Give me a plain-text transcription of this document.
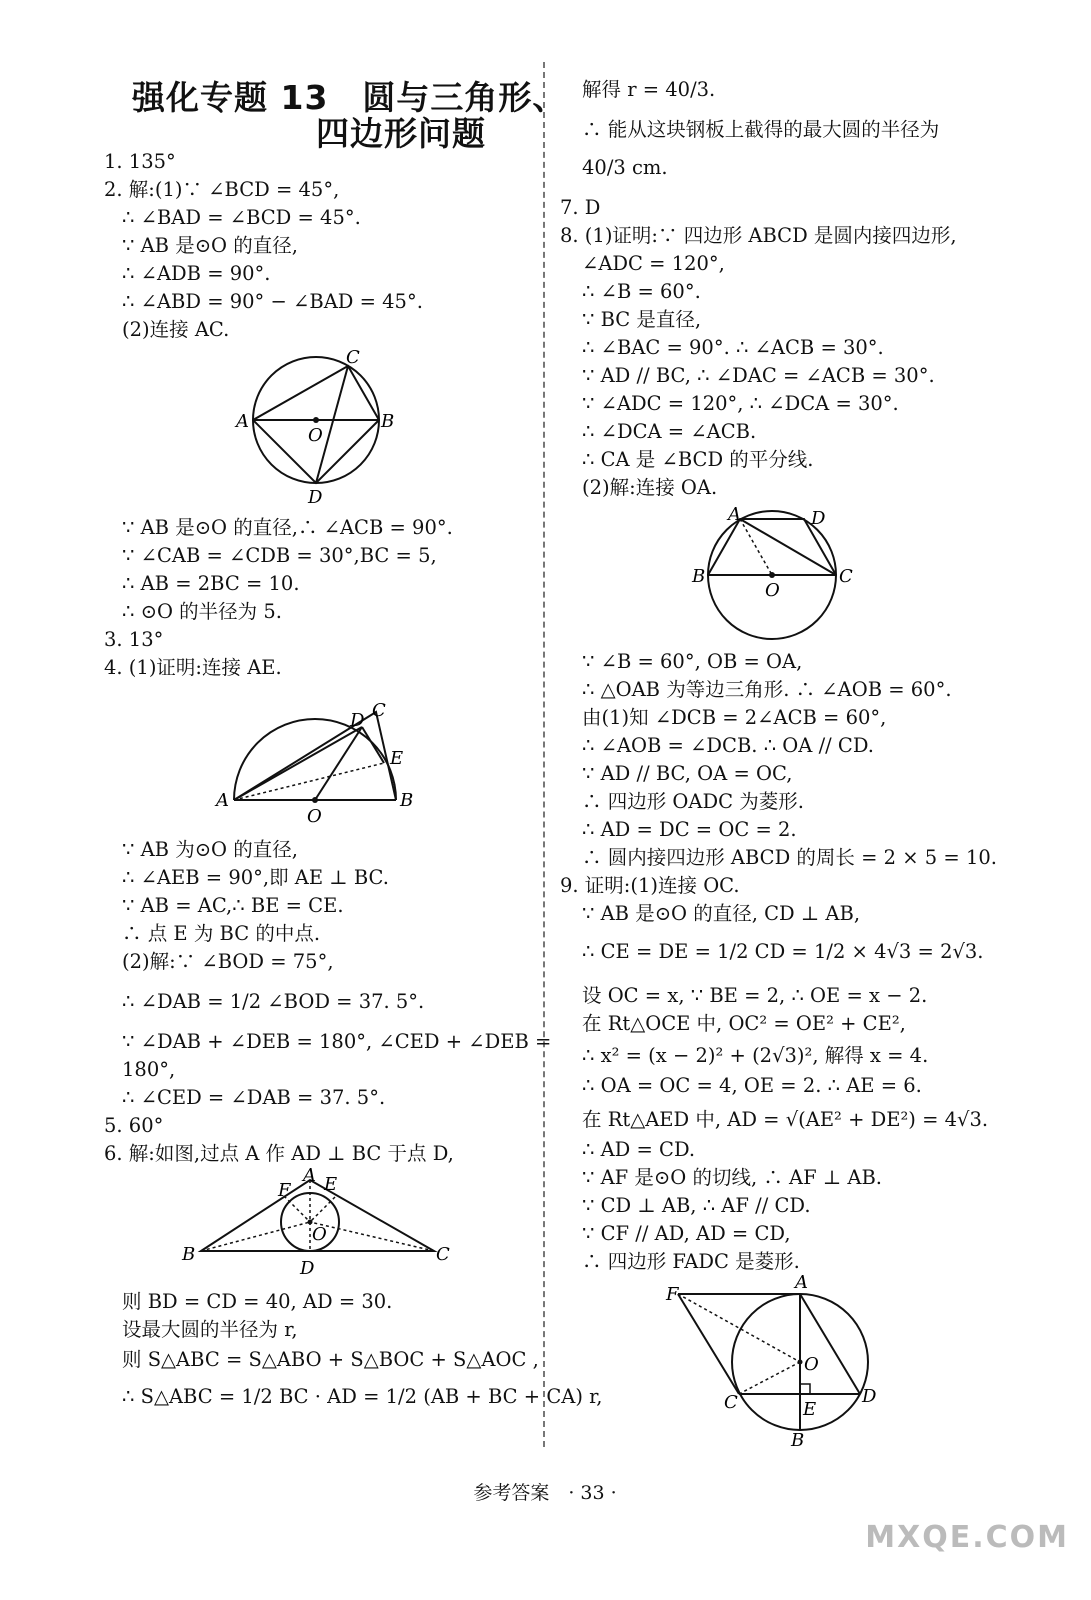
强化专题 13　圆与三角形、
四边形问题
1. 135°
2. 解:(1)∵ ∠BCD = 45°,
∴ ∠BAD = ∠BCD = 45°.
∵ AB 是⊙O 的直径,
∴ ∠ADB = 90°.
∴ ∠ABD = 90° − ∠BAD = 45°.
(2)连接 AC.
A	B
C
D
O
∵ AB 是⊙O 的直径,∴ ∠ACB = 90°.
∵ ∠CAB = ∠CDB = 30°,BC = 5,
∴ AB = 2BC = 10.
∴ ⊙O 的半径为 5.
3. 13°
4. (1)证明:连接 AE.
A	B
C
D
E
O
∵ AB 为⊙O 的直径,
∴ ∠AEB = 90°,即 AE ⊥ BC.
∵ AB = AC,∴ BE = CE.
∴ 点 E 为 BC 的中点.
(2)解:∵ ∠BOD = 75°,
∴ ∠DAB = 1/2 ∠BOD = 37. 5°.
∵ ∠DAB + ∠DEB = 180°, ∠CED + ∠DEB =
180°,
∴ ∠CED = ∠DAB = 37. 5°.
5. 60°
6. 解:如图,过点 A 作 AD ⊥ BC 于点 D,
A
B	C
D
E
F
O
则 BD = CD = 40, AD = 30.
设最大圆的半径为 r,
则 S△ABC = S△ABO + S△BOC + S△AOC ,
∴ S△ABC = 1/2 BC · AD = 1/2 (AB + BC + CA) r,
解得 r = 40/3.
∴ 能从这块钢板上截得的最大圆的半径为
40/3 cm.
7. D
8. (1)证明:∵ 四边形 ABCD 是圆内接四边形,
∠ADC = 120°,
∴ ∠B = 60°.
∵ BC 是直径,
∴ ∠BAC = 90°. ∴ ∠ACB = 30°.
∵ AD // BC, ∴ ∠DAC = ∠ACB = 30°.
∵ ∠ADC = 120°, ∴ ∠DCA = 30°.
∴ ∠DCA = ∠ACB.
∴ CA 是 ∠BCD 的平分线.
(2)解:连接 OA.
A
B	C
D
O
∵ ∠B = 60°, OB = OA,
∴ △OAB 为等边三角形. ∴ ∠AOB = 60°.
由(1)知 ∠DCB = 2∠ACB = 60°,
∴ ∠AOB = ∠DCB. ∴ OA // CD.
∵ AD // BC, OA = OC,
∴ 四边形 OADC 为菱形.
∴ AD = DC = OC = 2.
∴ 圆内接四边形 ABCD 的周长 = 2 × 5 = 10.
9. 证明:(1)连接 OC.
∵ AB 是⊙O 的直径, CD ⊥ AB,
∴ CE = DE = 1/2 CD = 1/2 × 4√3 = 2√3.
设 OC = x, ∵ BE = 2, ∴ OE = x − 2.
在 Rt△OCE 中, OC² = OE² + CE²,
∴ x² = (x − 2)² + (2√3)², 解得 x = 4.
∴ OA = OC = 4, OE = 2. ∴ AE = 6.
在 Rt△AED 中, AD = √(AE² + DE²) = 4√3.
∴ AD = CD.
∵ AF 是⊙O 的切线, ∴ AF ⊥ AB.
∵ CD ⊥ AB, ∴ AF // CD.
∵ CF // AD, AD = CD,
∴ 四边形 FADC 是菱形.
A
B
C	D
E
F
O
参考答案　· 33 ·
MXQE.COM
